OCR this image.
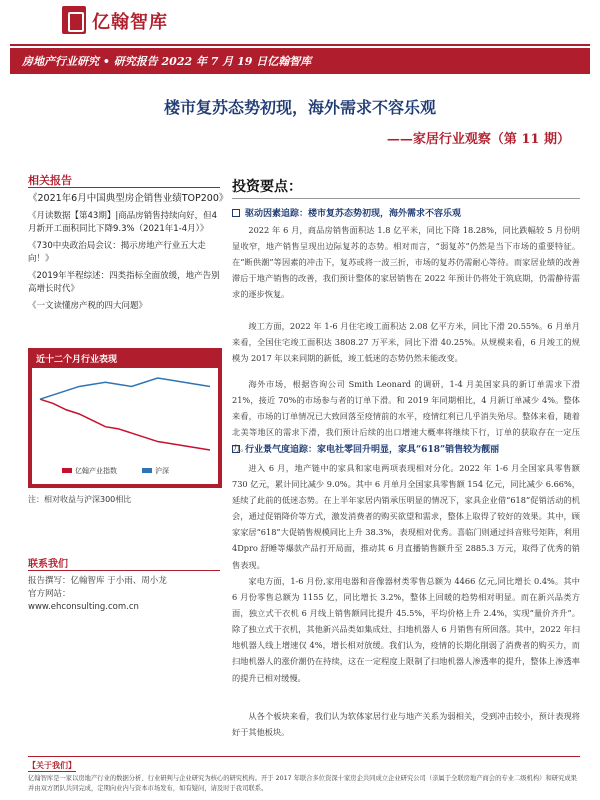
亿翰智库
房地产行业研究 • 研究报告 2022 年 7 月 19 日亿翰智库
楼市复苏态势初现，海外需求不容乐观
——家居行业观察（第 11 期）
相关报告
《2021年6月中国典型房企销售业绩TOP200》
《月读数据【第43期】|商品房销售持续向好，但4月新开工面积同比下降9.3%（2021年1-4月）》
《730中央政治局会议：揭示房地产行业五大走向！》
《2019年半程综述：四类指标全面放缓，地产告别高增长时代》
《一文读懂房产税的四大问题》
近十二个月行业表现
亿翰产业指数	沪深
注：相对收益与沪深300相比
联系我们
报告撰写：亿翰智库 于小雨、周小龙
官方网站：
www.ehconsulting.com.cn
投资要点：
驱动因素追踪：楼市复苏态势初现，海外需求不容乐观
2022 年 6 月，商品房销售面积达 1.8 亿平米，同比下降 18.28%，同比跌幅较 5 月份明显收窄，地产销售呈现出边际复苏的态势。相对而言，“弱复苏”仍然是当下市场的重要特征。在“断供潮”等因素的冲击下，复苏或将一波三折，市场的复苏仍需耐心等待。而家居业绩的改善滞后于地产销售的改善，我们预计整体的家居销售在 2022 年预计仍将处于筑底期，仍需静待需求的逐步恢复。
竣工方面，2022 年 1-6 月住宅竣工面积达 2.08 亿平方米，同比下滑 20.55%。6 月单月来看，全国住宅竣工面积达 3808.27 万平米，同比下滑 40.25%。从规模来看，6 月竣工的规模为 2017 年以来同期的新低，竣工低迷的态势仍然未能改变。
海外市场，根据咨询公司 Smith Leonard 的调研，1-4 月美国家具的新订单需求下滑 21%，接近 70%的市场参与者的订单下滑。和 2019 年同期相比，4 月新订单减少 4%。整体来看，市场的订单情况已大致回落至疫情前的水平，疫情红利已几乎消失殆尽。整体来看，随着北美等地区的需求下滑，我们预计后续的出口增速大概率将继续下行，订单的获取存在一定压力。
行业景气度追踪：家电社零回升明显，家具“618”销售较为靓丽
进入 6 月，地产链中的家具和家电两项表现相对分化。2022 年 1-6 月全国家具零售额 730 亿元，累计同比减少 9.0%。其中 6 月单月全国家具零售额 154 亿元，同比减少 6.66%，延续了此前的低迷态势。在上半年家居内销承压明显的情况下，家具企业借“618”促销活动的机会，通过促销降价等方式，激发消费者的购买欲望和需求，整体上取得了较好的效果。其中，顾家家居“618”大促销售规模同比上升 38.3%，表现相对优秀。喜临门则通过抖音账号矩阵，利用 4Dpro 舒睡等爆款产品打开局面，推动其 6 月直播销售额升至 2885.3 万元，取得了优秀的销售表现。
家电方面，1-6 月份,家用电器和音像器材类零售总额为 4466 亿元,同比增长 0.4%。其中 6 月份零售总额为 1155 亿，同比增长 3.2%，整体上回暖的趋势相对明显。而在新兴品类方面，独立式干衣机 6 月线上销售额同比提升 45.5%，平均价格上升 2.4%，实现“量价齐升”。除了独立式干衣机，其他新兴品类如集成灶、扫地机器人 6 月销售有所回落。其中，2022 年扫地机器人线上增速仅 4%，增长相对放缓。我们认为，疫情的长期化削弱了消费者的购买力，而扫地机器人的涨价潮仍在持续，这在一定程度上限制了扫地机器人渗透率的提升，整体上渗透率的提升已相对缓慢。
从各个板块来看，我们认为软体家居行业与地产关系为弱相关，受到冲击较小，预计表现将好于其他板块。
【关于我们】
亿翰智库是一家以房地产行业的数据分析、行业研判与企业研究为核心的研究机构。开于 2017 年联合多位资深十家房企共同成立企业研究公司（亲属于全联房地产商会的专业二级机构）和研究成果并由双方团队共同完成，定期向业内与资本市场发布，如有疑问，请及时于我司联系。
